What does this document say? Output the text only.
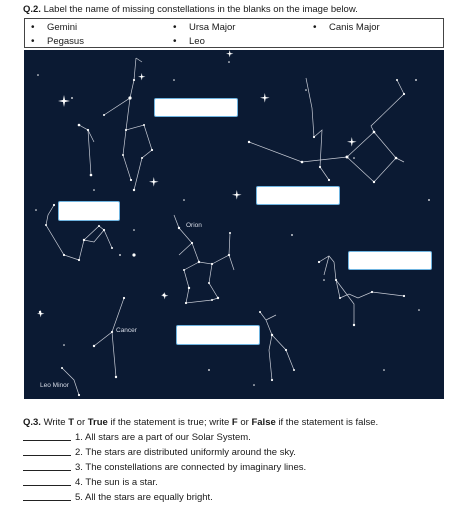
Q.2. Label the name of missing constellations in the blanks on the image below.
• Gemini	• Ursa Major	• Canis Major
• Pegasus	• Leo
Orion
Cancer
Leo Minor
Q.3. Write T or True if the statement is true; write F or False if the statement is false.
1. All stars are a part of our Solar System.
2. The stars are distributed uniformly around the sky.
3. The constellations are connected by imaginary lines.
4. The sun is a star.
5. All the stars are equally bright.
